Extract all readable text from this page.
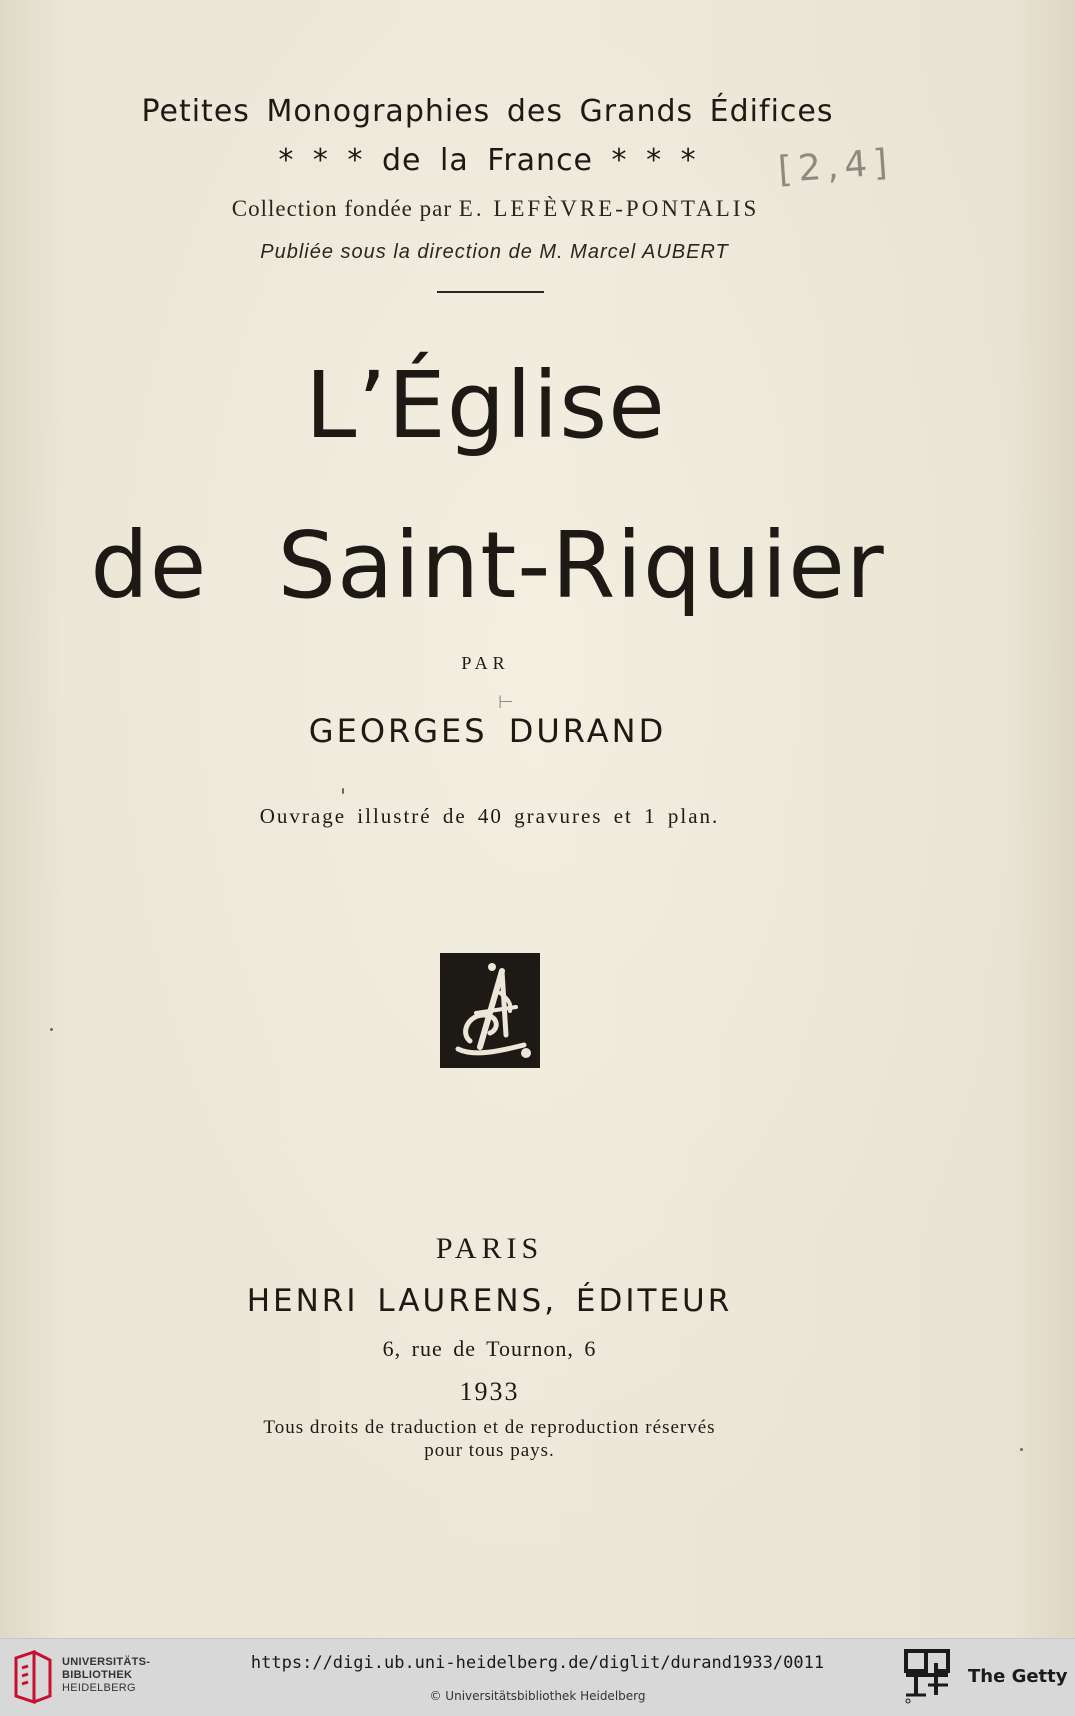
Petites Monographies des Grands Édifices
* * * de la France * * *	[2,4]
Collection fondée par E. LEFÈVRE-PONTALIS
Publiée sous la direction de M. Marcel AUBERT
L’Église
de Saint-Riquier
PAR
⊢
GEORGES DURAND
Ouvrage illustré de 40 gravures et 1 plan.
PARIS
HENRI LAURENS, ÉDITEUR
6, rue de Tournon, 6
1933
Tous droits de traduction et de reproduction réservés
pour tous pays.
UNIVERSITÄTS-
BIBLIOTHEK
HEIDELBERG
https://digi.ub.uni-heidelberg.de/diglit/durand1933/0011
© Universitätsbibliothek Heidelberg
The Getty
